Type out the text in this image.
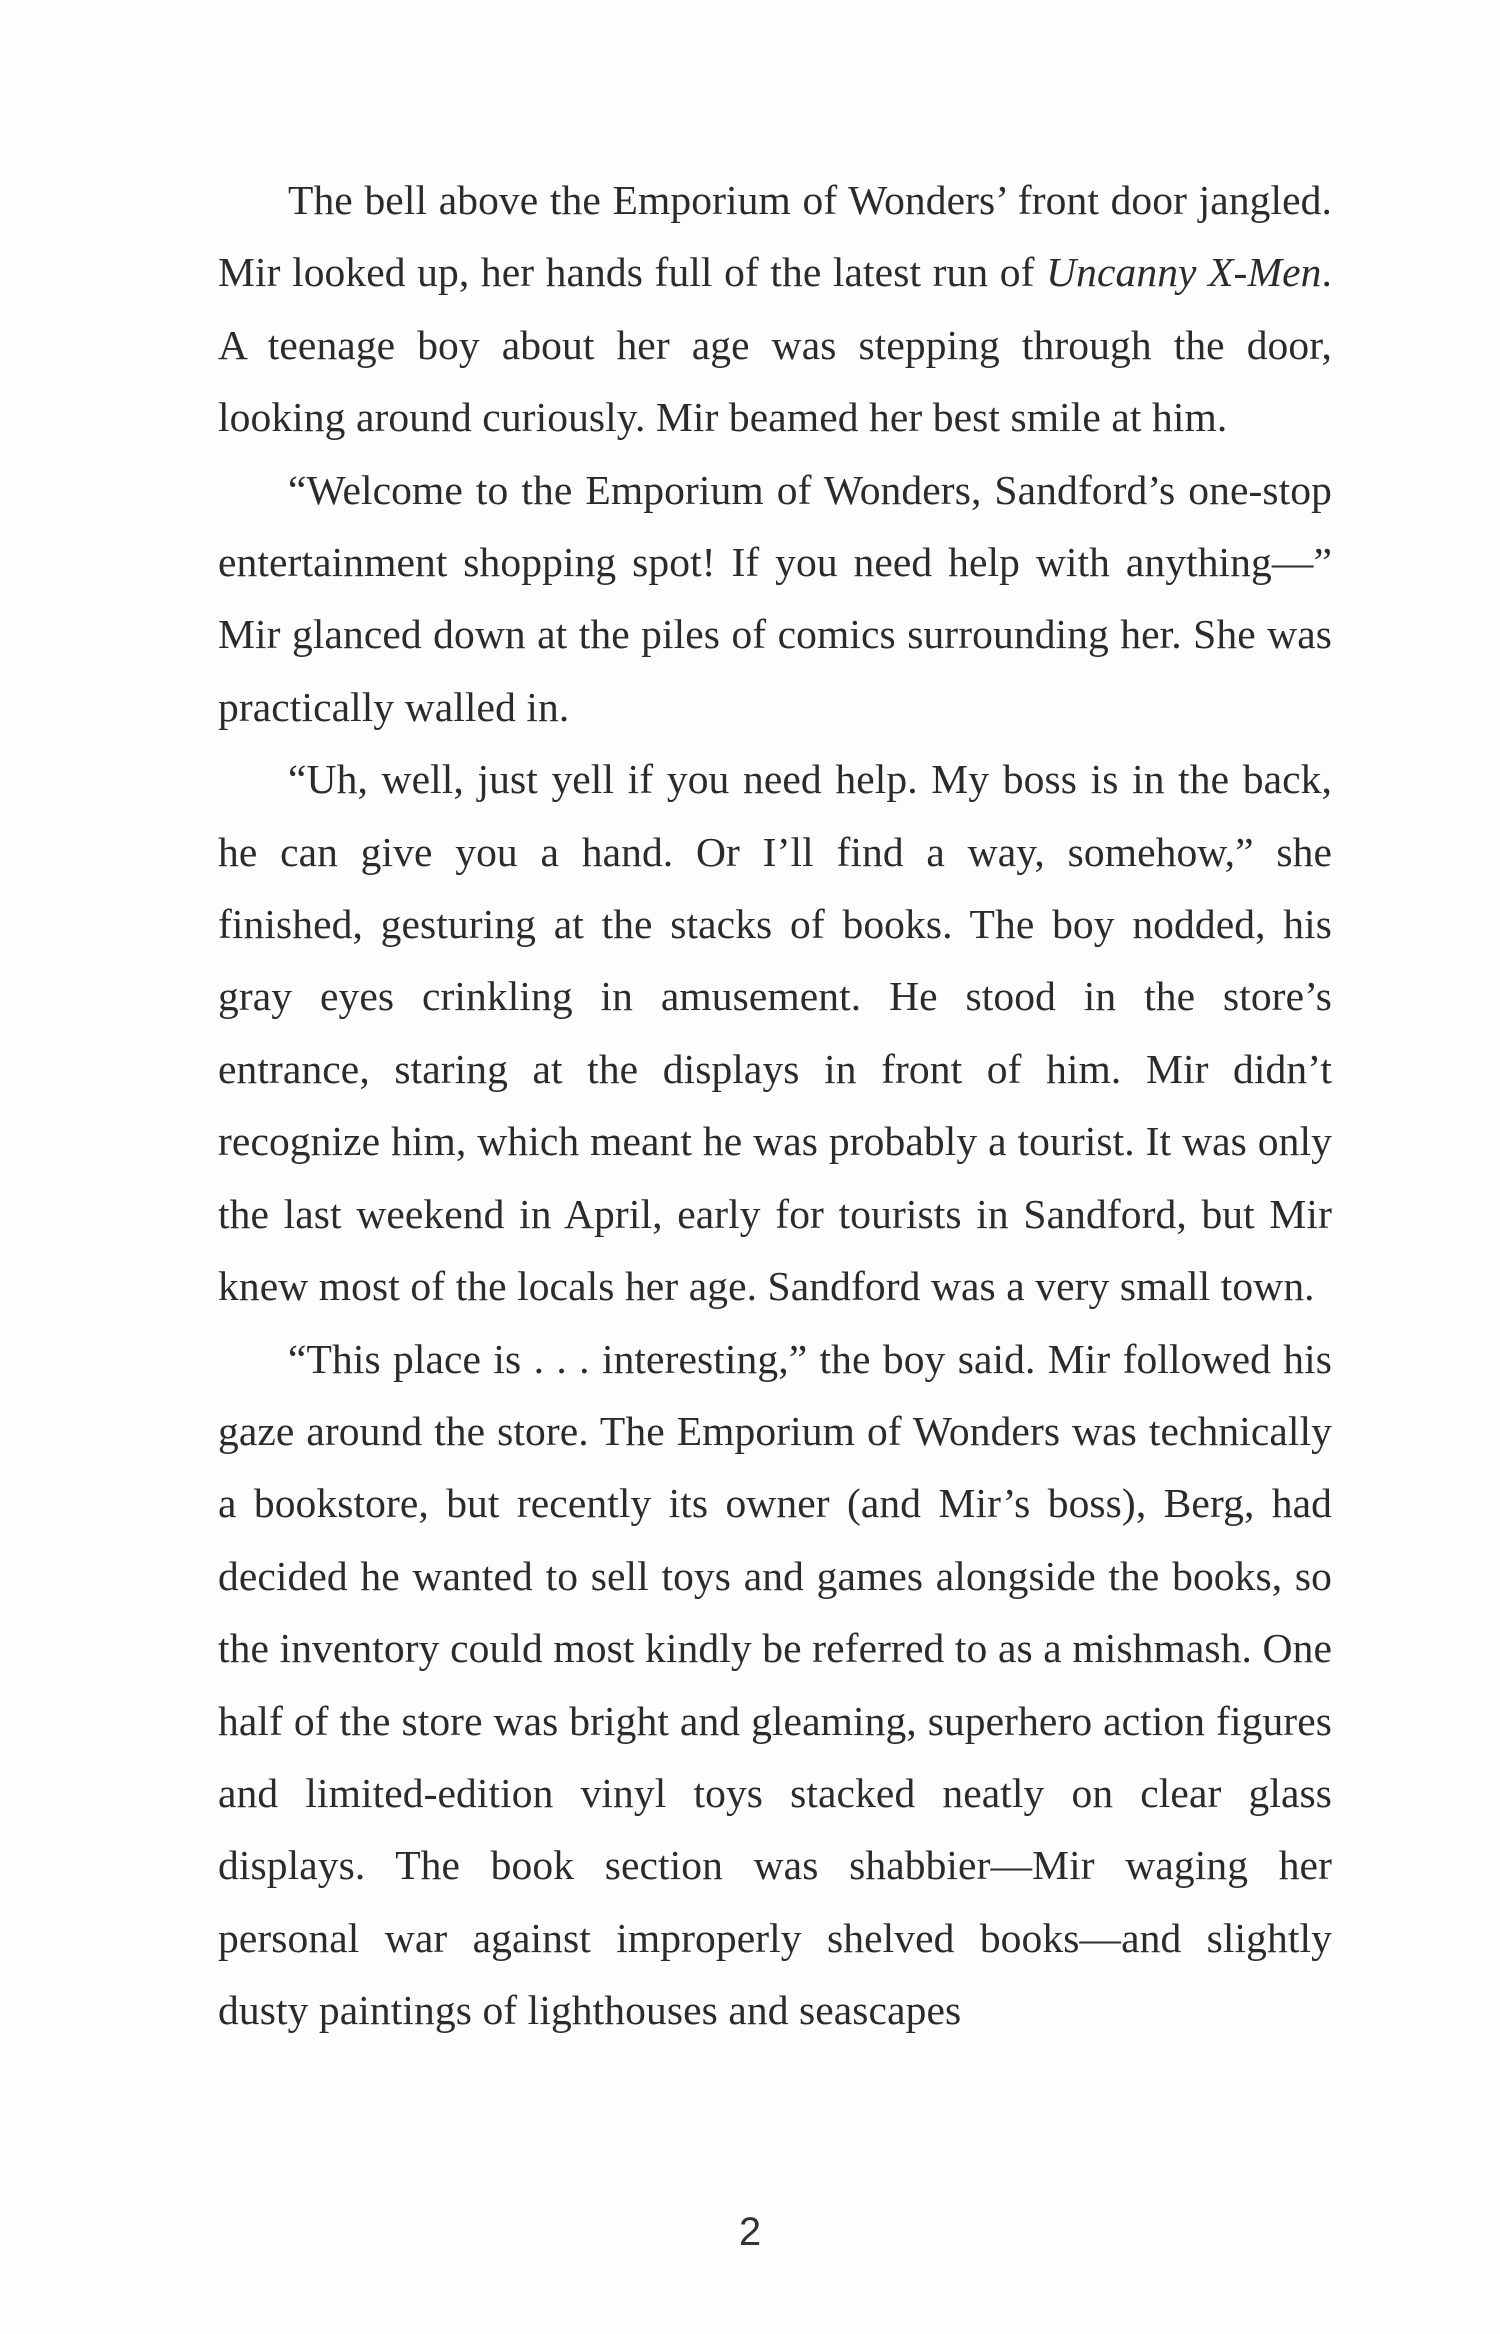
The bell above the Emporium of Wonders’ front door jangled. Mir looked up, her hands full of the latest run of Uncanny X-Men. A teenage boy about her age was stepping through the door, looking around curiously. Mir beamed her best smile at him.

“Welcome to the Emporium of Wonders, Sandford’s one-stop entertainment shopping spot! If you need help with anything—” Mir glanced down at the piles of comics surrounding her. She was practically walled in.

“Uh, well, just yell if you need help. My boss is in the back, he can give you a hand. Or I’ll find a way, somehow,” she finished, gesturing at the stacks of books. The boy nodded, his gray eyes crinkling in amusement. He stood in the store’s entrance, staring at the displays in front of him. Mir didn’t recognize him, which meant he was probably a tourist. It was only the last weekend in April, early for tourists in Sandford, but Mir knew most of the locals her age. Sandford was a very small town.

“This place is . . . interesting,” the boy said. Mir followed his gaze around the store. The Emporium of Wonders was technically a bookstore, but recently its owner (and Mir’s boss), Berg, had decided he wanted to sell toys and games alongside the books, so the inventory could most kindly be referred to as a mishmash. One half of the store was bright and gleaming, superhero action figures and limited-edition vinyl toys stacked neatly on clear glass displays. The book section was shabbier—Mir waging her personal war against improperly shelved books—and slightly dusty paintings of lighthouses and seascapes

2
